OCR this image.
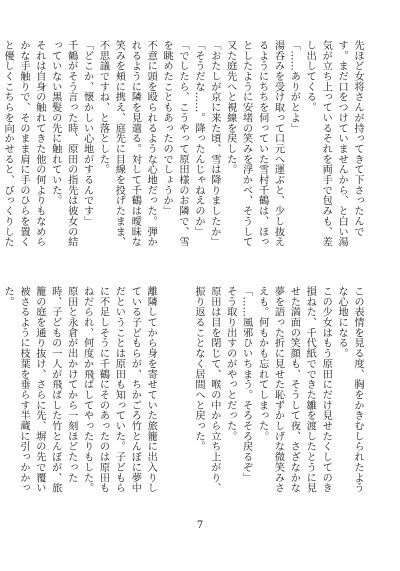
先ほど女将さんが持ってきて下さったんです。まだ口をつけていませんから、と白い湯気が立ち上っているそれを両手で包みも、差し出してくる。
「……ありがとよ」
湯呑みを受け取って口元へ運ぶと、少し抜えるようにちちを伺っていた雪村千鶴は、ほっとしたように安堵の笑みを浮かべ、そうして又た庭先へと視線を戻した。
「おたしが京に来た頃、雪は降りましたか」
「そうだな……。降ったんじゃねえのか」
「でしたら、こうやって原田様のお隣で、雪を眺めたこともあったのでしょうか」
不意に頭を殴られるような心地だった。弾かれるように隣を見遣る。対して千鶴は曖昧な笑みを頬に携え、庭先に目線を投げたまま、不思議ですね、と落とした。
「どこか、懐かしい心地がするんです」
千鶴がそう言った時、原田の指先は彼女の結っていない黒髪の先に触れていた。
それは自身の触れてきた他の何よりもなめらかな手触りで、そのまま肩に手のひらを置くと優しくこちらを向かせると、びっくりした
この表情を見る度、胸をかきむしられたような心地になる。
この少女はもう原田にだけ見せたくしてのき損ねた、千代紙でできた雛を渡したとうに見せた満面の笑顔も、そうして夜、さざなかな夢を語った折に見せた恥ずかしげな微笑みさえも。何もかも忘れてしまった。
「……風邪ひいちまう。そろそろ戻るぞ」
そう取り出すのがやっとだった。
原田は目を閉じて、喉の中から立ち上がり、振り返ることなく居間へと戻った。

離隣してから身を寄せていた旅籠に出入りしている子どもらが、ちかごろ竹とんぼに夢中だということは原田も知っていた。子どもらに不足しそうに千鶴にそのあったのは原田もねだられ、何度か飛ばしてやったりもした。
原田と永倉が出かけてから一刻ほどたった時、子どもの一人が飛ばした竹とんぼが、旅籠の庭を通り抜け、さらに先、塀の先で覆い被さるように枝葉を垂らす半蔵に引っかかった。

7
